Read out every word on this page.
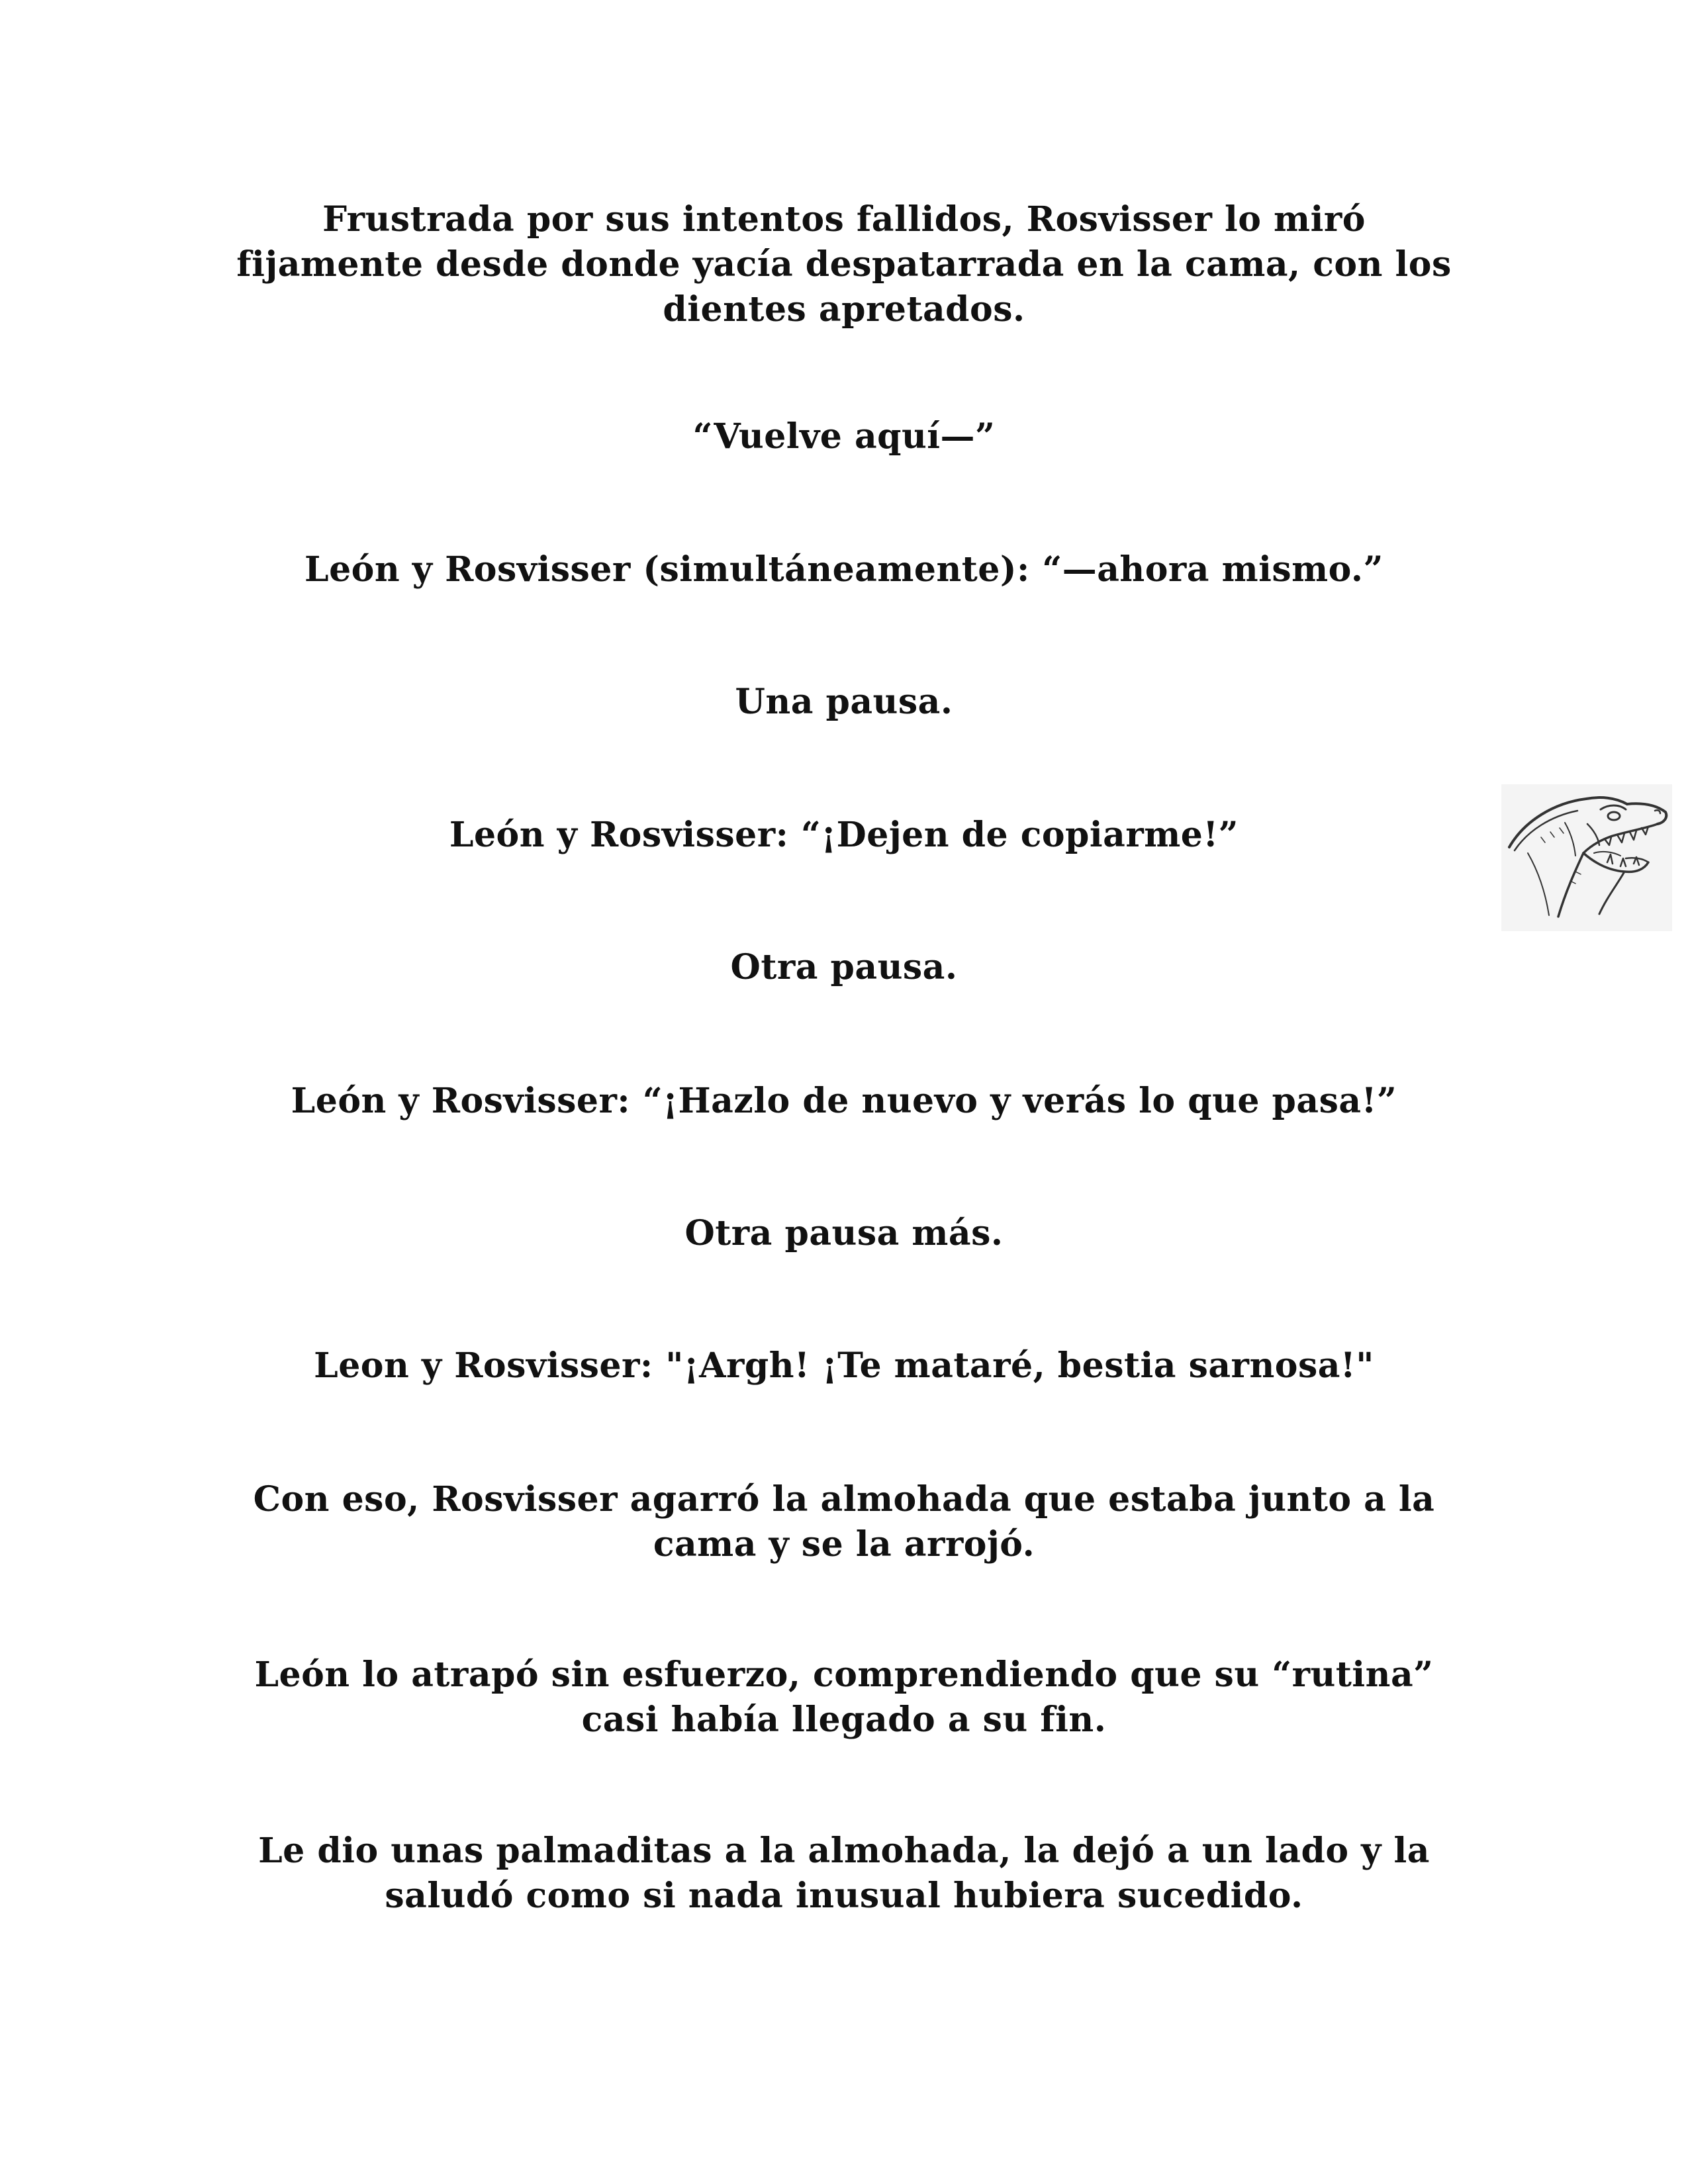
Frustrada por sus intentos fallidos, Rosvisser lo miró
fijamente desde donde yacía despatarrada en la cama, con los
dientes apretados.

“Vuelve aquí—”

León y Rosvisser (simultáneamente): “—ahora mismo.”

Una pausa.

León y Rosvisser: “¡Dejen de copiarme!”

Otra pausa.

León y Rosvisser: “¡Hazlo de nuevo y verás lo que pasa!”

Otra pausa más.

Leon y Rosvisser: "¡Argh! ¡Te mataré, bestia sarnosa!"

Con eso, Rosvisser agarró la almohada que estaba junto a la
cama y se la arrojó.

León lo atrapó sin esfuerzo, comprendiendo que su “rutina”
casi había llegado a su fin.

Le dio unas palmaditas a la almohada, la dejó a un lado y la
saludó como si nada inusual hubiera sucedido.
